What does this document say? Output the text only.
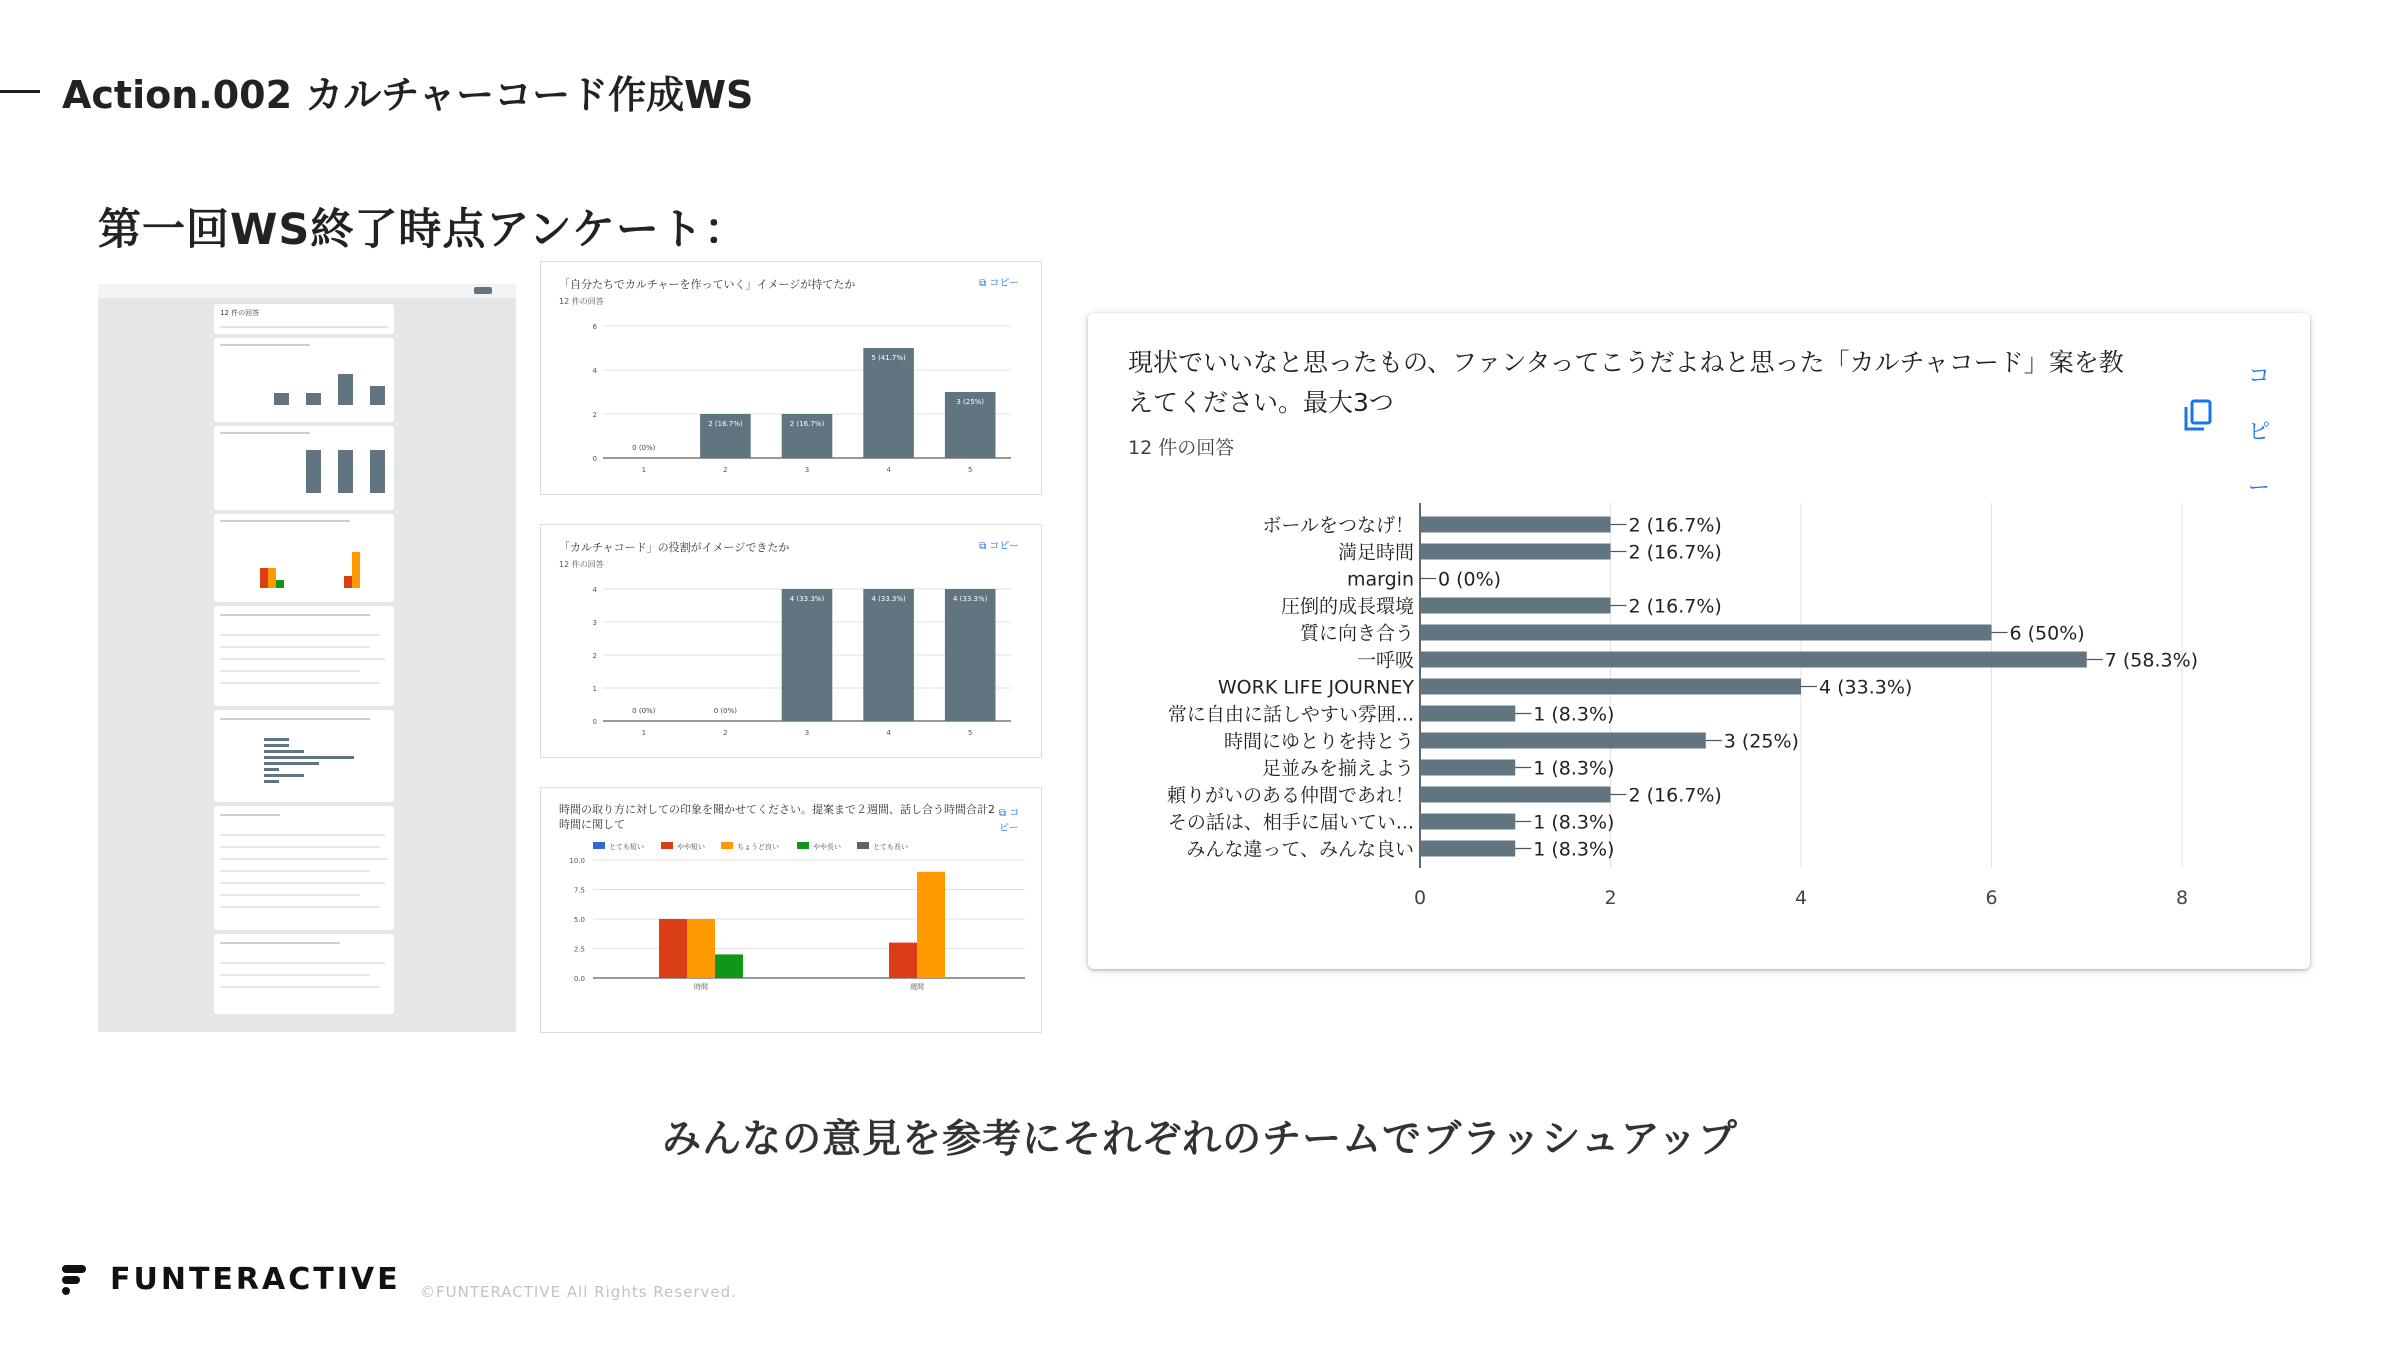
Action.002 カルチャーコード作成WS
第一回WS終了時点アンケート：
12 件の回答
「自分たちでカルチャーを作っていく」イメージが持てたか
12 件の回答
⧉ コピー
0
2
4
6
0 (0%)
1
2 (16.7%)
2
2 (16.7%)
3
5 (41.7%)
4
3 (25%)
5
「カルチャコード」の役割がイメージできたか
12 件の回答
⧉ コピー
0
1
2
3
4
0 (0%)
1
0 (0%)
2
4 (33.3%)
3
4 (33.3%)
4
4 (33.3%)
5
時間の取り方に対しての印象を聞かせてください。提案まで２週間、話し合う時間合計2時間に関して
⧉ コピー
とても短い	やや短い	ちょうど良い	やや長い	とても長い
0.0
2.5
5.0
7.5
10.0
時間	週間
現状でいいなと思ったもの、ファンタってこうだよねと思った「カルチャコード」案を教えてください。最大3つ
12 件の回答
コピー
0	2	4	6	8
2 (16.7%)
ボールをつなげ！
2 (16.7%)
満足時間
0 (0%)
margin
2 (16.7%)
圧倒的成長環境
6 (50%)
質に向き合う
7 (58.3%)
一呼吸
4 (33.3%)
WORK LIFE JOURNEY
1 (8.3%)
常に自由に話しやすい雰囲...
3 (25%)
時間にゆとりを持とう
1 (8.3%)
足並みを揃えよう
2 (16.7%)
頼りがいのある仲間であれ！
1 (8.3%)
その話は、相手に届いてい...
1 (8.3%)
みんな違って、みんな良い
みんなの意見を参考にそれぞれのチームでブラッシュアップ
FUNTERACTIVE ©FUNTERACTIVE All Rights Reserved.
